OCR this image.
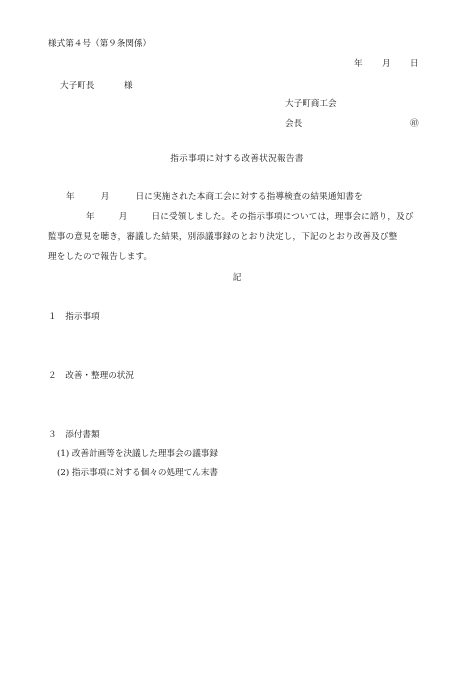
様式第４号（第９条関係）
年 月 日
大子町長	様
大子町商工会
会長	㊞
指示事項に対する改善状況報告書
年	月	日に実施された本商工会に対する指導検査の結果通知書を
年	月	日に受領しました。その指示事項については，理事会に諮り，及び
監事の意見を聴き，審議した結果，別添議事録のとおり決定し，下記のとおり改善及び整
理をしたので報告します。
記
１　 指示事項
２　 改善・整理の状況
３　 添付書類
(1) 改善計画等を決議した理事会の議事録
(2) 指示事項に対する個々の処理てん末書
